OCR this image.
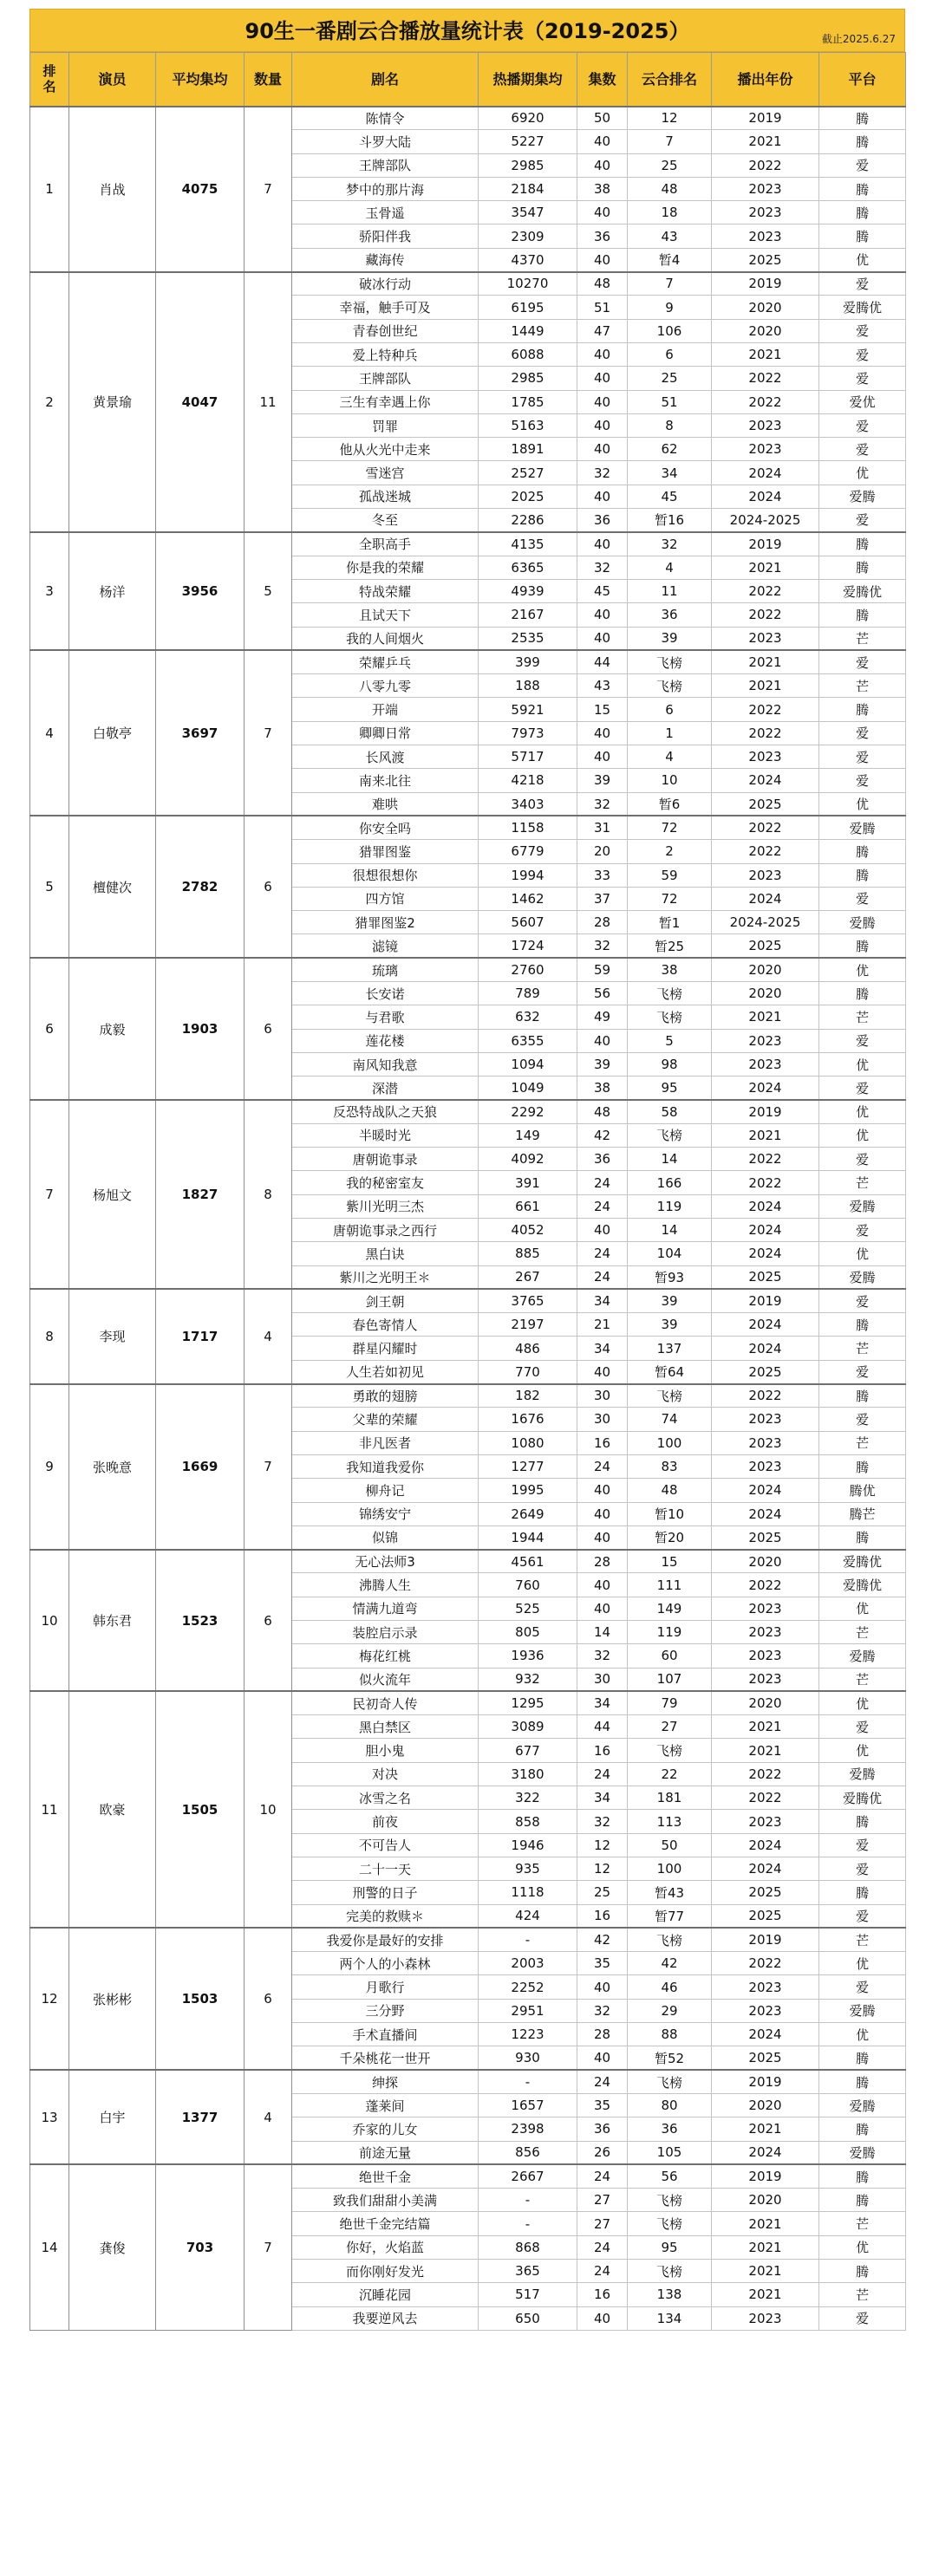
90生一番剧云合播放量统计表（2019-2025）	截止2025.6.27
排名	演员	平均集均	数量	剧名	热播期集均	集数	云合排名	播出年份	平台
1	肖战	4075	7	陈情令	6920	50	12	2019	腾
				斗罗大陆	5227	40	7	2021	腾
				王牌部队	2985	40	25	2022	爱
				梦中的那片海	2184	38	48	2023	腾
				玉骨遥	3547	40	18	2023	腾
				骄阳伴我	2309	36	43	2023	腾
				藏海传	4370	40	暂4	2025	优
2	黄景瑜	4047	11	破冰行动	10270	48	7	2019	爱
				幸福，触手可及	6195	51	9	2020	爱腾优
				青春创世纪	1449	47	106	2020	爱
				爱上特种兵	6088	40	6	2021	爱
				王牌部队	2985	40	25	2022	爱
				三生有幸遇上你	1785	40	51	2022	爱优
				罚罪	5163	40	8	2023	爱
				他从火光中走来	1891	40	62	2023	爱
				雪迷宫	2527	32	34	2024	优
				孤战迷城	2025	40	45	2024	爱腾
				冬至	2286	36	暂16	2024-2025	爱
3	杨洋	3956	5	全职高手	4135	40	32	2019	腾
				你是我的荣耀	6365	32	4	2021	腾
				特战荣耀	4939	45	11	2022	爱腾优
				且试天下	2167	40	36	2022	腾
				我的人间烟火	2535	40	39	2023	芒
4	白敬亭	3697	7	荣耀乒乓	399	44	飞榜	2021	爱
				八零九零	188	43	飞榜	2021	芒
				开端	5921	15	6	2022	腾
				卿卿日常	7973	40	1	2022	爱
				长风渡	5717	40	4	2023	爱
				南来北往	4218	39	10	2024	爱
				难哄	3403	32	暂6	2025	优
5	檀健次	2782	6	你安全吗	1158	31	72	2022	爱腾
				猎罪图鉴	6779	20	2	2022	腾
				很想很想你	1994	33	59	2023	腾
				四方馆	1462	37	72	2024	爱
				猎罪图鉴2	5607	28	暂1	2024-2025	爱腾
				滤镜	1724	32	暂25	2025	腾
6	成毅	1903	6	琉璃	2760	59	38	2020	优
				长安诺	789	56	飞榜	2020	腾
				与君歌	632	49	飞榜	2021	芒
				莲花楼	6355	40	5	2023	爱
				南风知我意	1094	39	98	2023	优
				深潜	1049	38	95	2024	爱
7	杨旭文	1827	8	反恐特战队之天狼	2292	48	58	2019	优
				半暖时光	149	42	飞榜	2021	优
				唐朝诡事录	4092	36	14	2022	爱
				我的秘密室友	391	24	166	2022	芒
				紫川光明三杰	661	24	119	2024	爱腾
				唐朝诡事录之西行	4052	40	14	2024	爱
				黑白诀	885	24	104	2024	优
				紫川之光明王＊	267	24	暂93	2025	爱腾
8	李现	1717	4	剑王朝	3765	34	39	2019	爱
				春色寄情人	2197	21	39	2024	腾
				群星闪耀时	486	34	137	2024	芒
				人生若如初见	770	40	暂64	2025	爱
9	张晚意	1669	7	勇敢的翅膀	182	30	飞榜	2022	腾
				父辈的荣耀	1676	30	74	2023	爱
				非凡医者	1080	16	100	2023	芒
				我知道我爱你	1277	24	83	2023	腾
				柳舟记	1995	40	48	2024	腾优
				锦绣安宁	2649	40	暂10	2024	腾芒
				似锦	1944	40	暂20	2025	腾
10	韩东君	1523	6	无心法师3	4561	28	15	2020	爱腾优
				沸腾人生	760	40	111	2022	爱腾优
				情满九道弯	525	40	149	2023	优
				装腔启示录	805	14	119	2023	芒
				梅花红桃	1936	32	60	2023	爱腾
				似火流年	932	30	107	2023	芒
11	欧豪	1505	10	民初奇人传	1295	34	79	2020	优
				黑白禁区	3089	44	27	2021	爱
				胆小鬼	677	16	飞榜	2021	优
				对决	3180	24	22	2022	爱腾
				冰雪之名	322	34	181	2022	爱腾优
				前夜	858	32	113	2023	腾
				不可告人	1946	12	50	2024	爱
				二十一天	935	12	100	2024	爱
				刑警的日子	1118	25	暂43	2025	腾
				完美的救赎＊	424	16	暂77	2025	爱
12	张彬彬	1503	6	我爱你是最好的安排	-	42	飞榜	2019	芒
				两个人的小森林	2003	35	42	2022	优
				月歌行	2252	40	46	2023	爱
				三分野	2951	32	29	2023	爱腾
				手术直播间	1223	28	88	2024	优
				千朵桃花一世开	930	40	暂52	2025	腾
13	白宇	1377	4	绅探	-	24	飞榜	2019	腾
				蓬莱间	1657	35	80	2020	爱腾
				乔家的儿女	2398	36	36	2021	腾
				前途无量	856	26	105	2024	爱腾
14	龚俊	703	7	绝世千金	2667	24	56	2019	腾
				致我们甜甜小美满	-	27	飞榜	2020	腾
				绝世千金完结篇	-	27	飞榜	2021	芒
				你好，火焰蓝	868	24	95	2021	优
				而你刚好发光	365	24	飞榜	2021	腾
				沉睡花园	517	16	138	2021	芒
				我要逆风去	650	40	134	2023	爱
